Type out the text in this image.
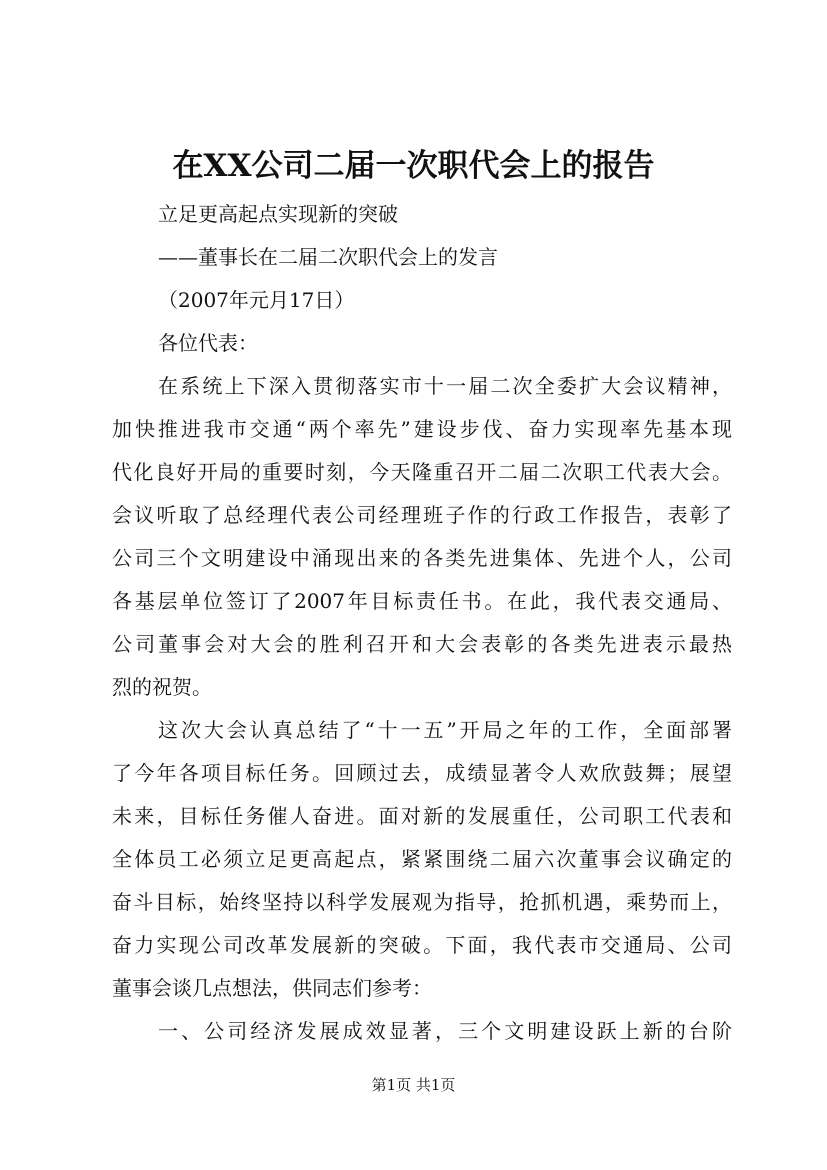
在XX公司二届一次职代会上的报告
立足更高起点实现新的突破
——董事长在二届二次职代会上的发言
（2007年元月17日）
各位代表：
在系统上下深入贯彻落实市十一届二次全委扩大会议精神，
加快推进我市交通“两个率先”建设步伐、奋力实现率先基本现
代化良好开局的重要时刻，今天隆重召开二届二次职工代表大会。
会议听取了总经理代表公司经理班子作的行政工作报告，表彰了
公司三个文明建设中涌现出来的各类先进集体、先进个人，公司
各基层单位签订了2007年目标责任书。在此，我代表交通局、
公司董事会对大会的胜利召开和大会表彰的各类先进表示最热
烈的祝贺。
这次大会认真总结了“十一五”开局之年的工作，全面部署
了今年各项目标任务。回顾过去，成绩显著令人欢欣鼓舞；展望
未来，目标任务催人奋进。面对新的发展重任，公司职工代表和
全体员工必须立足更高起点，紧紧围绕二届六次董事会议确定的
奋斗目标，始终坚持以科学发展观为指导，抢抓机遇，乘势而上，
奋力实现公司改革发展新的突破。下面，我代表市交通局、公司
董事会谈几点想法，供同志们参考：
一、公司经济发展成效显著，三个文明建设跃上新的台阶
第1页 共1页
